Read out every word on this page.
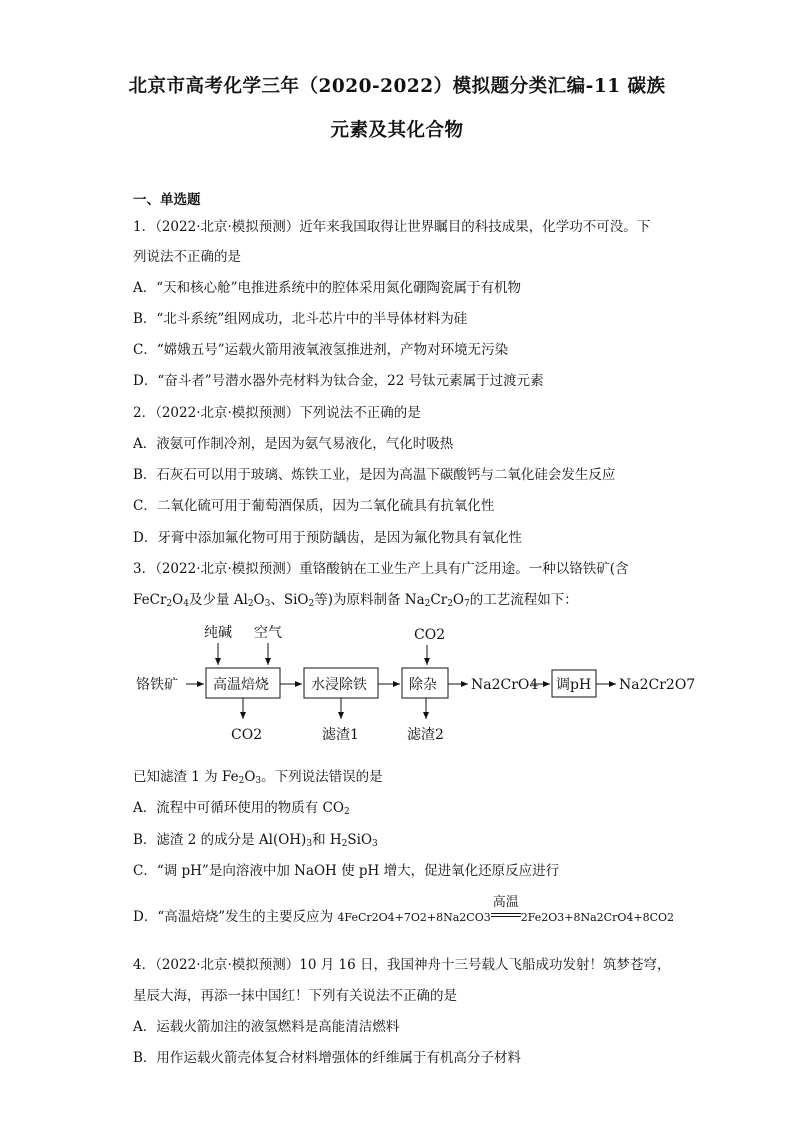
北京市高考化学三年（2020-2022）模拟题分类汇编-11 碳族
元素及其化合物
一、单选题
1．（2022·北京·模拟预测）近年来我国取得让世界瞩目的科技成果，化学功不可没。下
列说法不正确的是
A．“天和核心舱”电推进系统中的腔体采用氮化硼陶瓷属于有机物
B．“北斗系统”组网成功，北斗芯片中的半导体材料为硅
C．“嫦娥五号”运载火箭用液氧液氢推进剂，产物对环境无污染
D．“奋斗者”号潜水器外壳材料为钛合金，22 号钛元素属于过渡元素
2．（2022·北京·模拟预测）下列说法不正确的是
A．液氨可作制冷剂，是因为氨气易液化，气化时吸热
B．石灰石可以用于玻璃、炼铁工业，是因为高温下碳酸钙与二氧化硅会发生反应
C．二氧化硫可用于葡萄酒保质，因为二氧化硫具有抗氧化性
D．牙膏中添加氟化物可用于预防龋齿，是因为氟化物具有氧化性
3．（2022·北京·模拟预测）重铬酸钠在工业生产上具有广泛用途。一种以铬铁矿(含
$FeCr_2O_4$及少量 $Al_2O_3$、SiO$_2$等)为原料制备 $Na_2Cr_2O_7$的工艺流程如下：
纯碱 空气	CO2
铬铁矿	高温焙烧	水浸除铁	除杂 Na2CrO4 调pH Na2Cr2O7
CO2	滤渣1	滤渣2
已知滤渣 1 为 $Fe_2O_3$。下列说法错误的是
A．流程中可循环使用的物质有 $CO_2$
B．滤渣 2 的成分是 $Al(OH)_3$和 $H_2SiO_3$
C．“调 pH”是向溶液中加 NaOH 使 pH 增大，促进氧化还原反应进行
D．“高温焙烧”发生的主要反应为 4FeCr2O4+7O2+8Na2CO3
高温
2Fe2O3+8Na2CrO4+8CO2
4．（2022·北京·模拟预测）10 月 16 日，我国神舟十三号载人飞船成功发射！筑梦苍穹，
星辰大海，再添一抹中国红！下列有关说法不正确的是
A．运载火箭加注的液氢燃料是高能清洁燃料
B．用作运载火箭壳体复合材料增强体的纤维属于有机高分子材料
